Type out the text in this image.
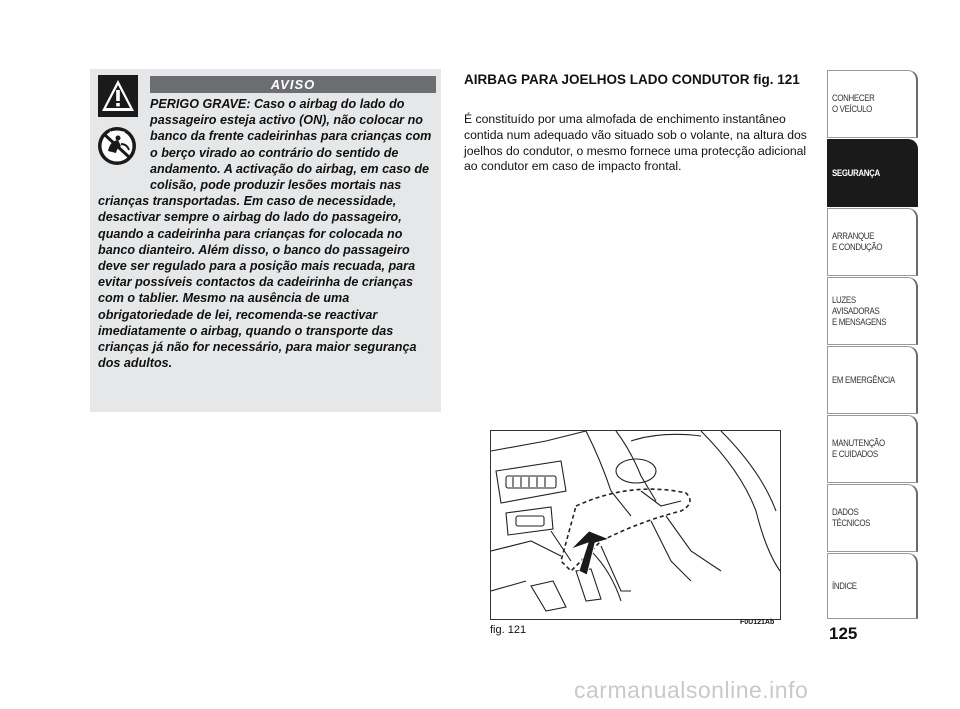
AVISO
AIRBAG

PERIGO GRAVE: Caso o airbag do lado do passageiro esteja activo (ON), não colocar no banco da frente cadeirinhas para crianças com o berço virado ao contrário do sentido de andamento. A activação do airbag, em caso de colisão, pode produzir lesões mortais nas crianças transportadas. Em caso de necessidade, desactivar sempre o airbag do lado do passageiro, quando a cadeirinha para crianças for colocada no banco dianteiro. Além disso, o banco do passageiro deve ser regulado para a posição mais recuada, para evitar possíveis contactos da cadeirinha de crianças com o tablier. Mesmo na ausência de uma obrigatoriedade de lei, recomenda-se reactivar imediatamente o airbag, quando o transporte das crianças já não for necessário, para maior segurança dos adultos.

AIRBAG PARA JOELHOS LADO CONDUTOR fig. 121

É constituído por uma almofada de enchimento instantâneo contida num adequado vão situado sob o volante, na altura dos joelhos do condutor, o mesmo fornece uma protecção adicional ao condutor em caso de impacto frontal.

fig. 121
F0U121Ab
CONHECER
O VEÍCULO
SEGURANÇA
ARRANQUE
E CONDUÇÃO
LUZES
AVISADORAS
E MENSAGENS
EM EMERGÊNCIA
MANUTENÇÃO
E CUIDADOS
DADOS
TÉCNICOS
ÍNDICE
125
carmanualsonline.info
